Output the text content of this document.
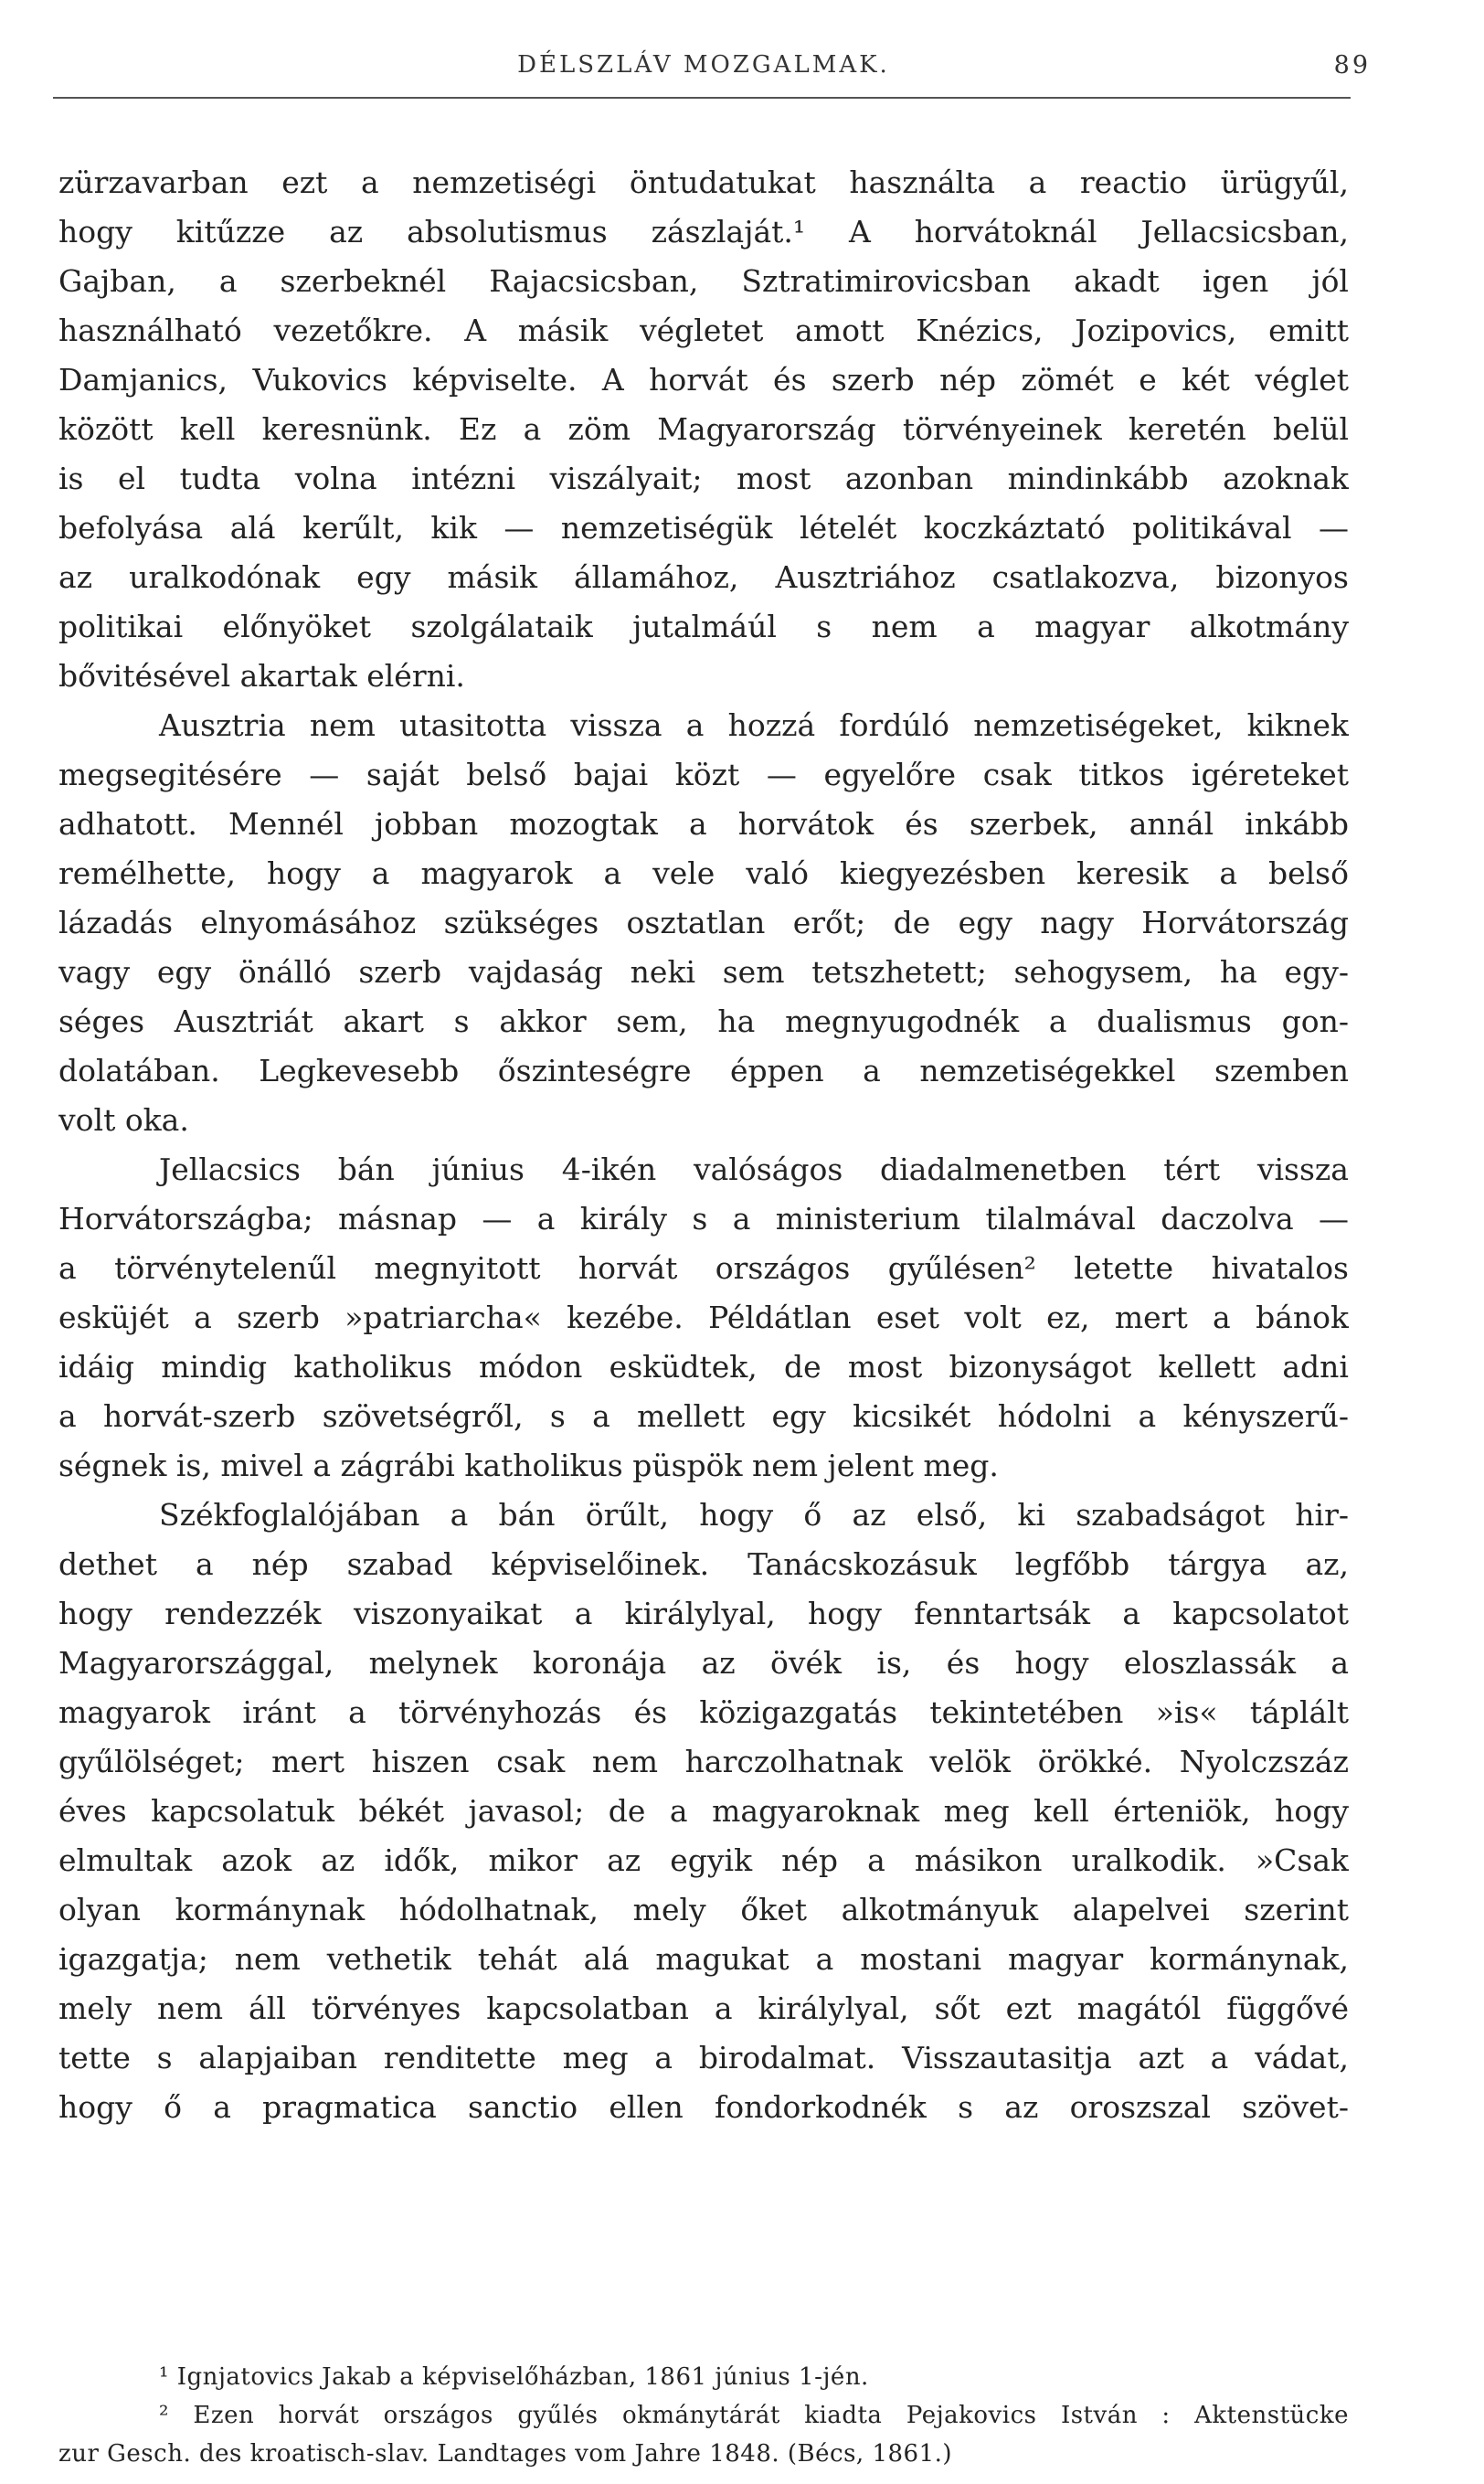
DÉLSZLÁV MOZGALMAK.	89
zürzavarban ezt a nemzetiségi öntudatukat használta a reactio ürügyűl,
hogy kitűzze az absolutismus zászlaját.¹ A horvátoknál Jellacsicsban,
Gajban, a szerbeknél Rajacsicsban, Sztratimirovicsban akadt igen jól
használható vezetőkre. A másik végletet amott Knézics, Jozipovics, emitt
Damjanics, Vukovics képviselte. A horvát és szerb nép zömét e két véglet
között kell keresnünk. Ez a zöm Magyarország törvényeinek keretén belül
is el tudta volna intézni viszályait; most azonban mindinkább azoknak
befolyása alá kerűlt, kik — nemzetiségük lételét koczkáztató politikával —
az uralkodónak egy másik államához, Ausztriához csatlakozva, bizonyos
politikai előnyöket szolgálataik jutalmáúl s nem a magyar alkotmány
bővitésével akartak elérni.
Ausztria nem utasitotta vissza a hozzá fordúló nemzetiségeket, kiknek
megsegitésére — saját belső bajai közt — egyelőre csak titkos igéreteket
adhatott. Mennél jobban mozogtak a horvátok és szerbek, annál inkább
remélhette, hogy a magyarok a vele való kiegyezésben keresik a belső
lázadás elnyomásához szükséges osztatlan erőt; de egy nagy Horvátország
vagy egy önálló szerb vajdaság neki sem tetszhetett; sehogysem, ha egy-
séges Ausztriát akart s akkor sem, ha megnyugodnék a dualismus gon-
dolatában. Legkevesebb őszinteségre éppen a nemzetiségekkel szemben
volt oka.
Jellacsics bán június 4-ikén valóságos diadalmenetben tért vissza
Horvátországba; másnap — a király s a ministerium tilalmával daczolva —
a törvénytelenűl megnyitott horvát országos gyűlésen² letette hivatalos
esküjét a szerb »patriarcha« kezébe. Példátlan eset volt ez, mert a bánok
idáig mindig katholikus módon esküdtek, de most bizonyságot kellett adni
a horvát-szerb szövetségről, s a mellett egy kicsikét hódolni a kényszerű-
ségnek is, mivel a zágrábi katholikus püspök nem jelent meg.
Székfoglalójában a bán örűlt, hogy ő az első, ki szabadságot hir-
dethet a nép szabad képviselőinek. Tanácskozásuk legfőbb tárgya az,
hogy rendezzék viszonyaikat a királylyal, hogy fenntartsák a kapcsolatot
Magyarországgal, melynek koronája az övék is, és hogy eloszlassák a
magyarok iránt a törvényhozás és közigazgatás tekintetében »is« táplált
gyűlölséget; mert hiszen csak nem harczolhatnak velök örökké. Nyolczszáz
éves kapcsolatuk békét javasol; de a magyaroknak meg kell érteniök, hogy
elmultak azok az idők, mikor az egyik nép a másikon uralkodik. »Csak
olyan kormánynak hódolhatnak, mely őket alkotmányuk alapelvei szerint
igazgatja; nem vethetik tehát alá magukat a mostani magyar kormánynak,
mely nem áll törvényes kapcsolatban a királylyal, sőt ezt magától függővé
tette s alapjaiban renditette meg a birodalmat. Visszautasitja azt a vádat,
hogy ő a pragmatica sanctio ellen fondorkodnék s az oroszszal szövet-
¹ Ignjatovics Jakab a képviselőházban, 1861 június 1-jén.
² Ezen horvát országos gyűlés okmánytárát kiadta Pejakovics István : Aktenstücke
zur Gesch. des kroatisch-slav. Landtages vom Jahre 1848. (Bécs, 1861.)
